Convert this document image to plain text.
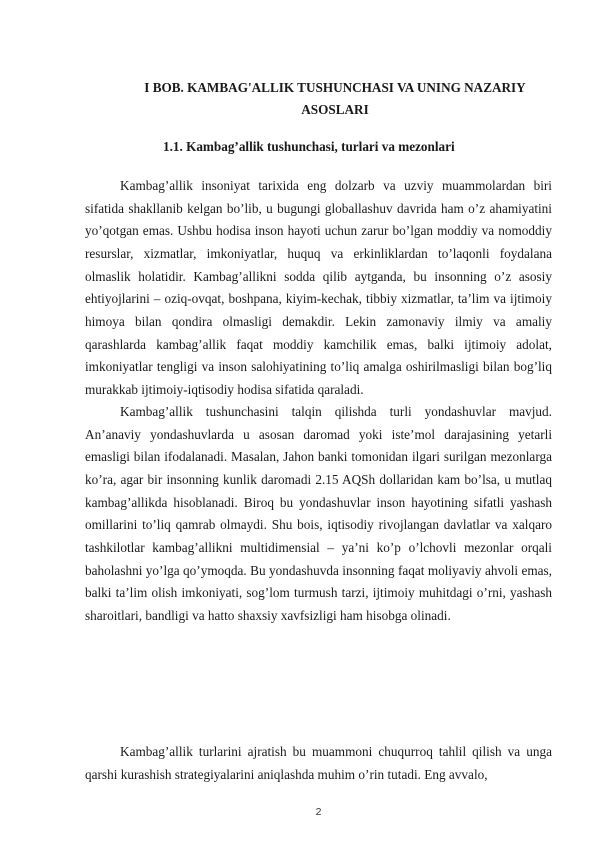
I BOB. KAMBAG'ALLIK TUSHUNCHASI VA UNING NAZARIY ASOSLARI
1.1. Kambag’allik tushunchasi, turlari va mezonlari

Kambag’allik insoniyat tarixida eng dolzarb va uzviy muammolardan biri sifatida shakllanib kelgan bo’lib, u bugungi globallashuv davrida ham o’z ahamiyatini yo’qotgan emas. Ushbu hodisa inson hayoti uchun zarur bo’lgan moddiy va nomoddiy resurslar, xizmatlar, imkoniyatlar, huquq va erkinliklardan to’laqonli foydalana olmaslik holatidir. Kambag’allikni sodda qilib aytganda, bu insonning o’z asosiy ehtiyojlarini – oziq-ovqat, boshpana, kiyim-kechak, tibbiy xizmatlar, ta’lim va ijtimoiy himoya bilan qondira olmasligi demakdir. Lekin zamonaviy ilmiy va amaliy qarashlarda kambag’allik faqat moddiy kamchilik emas, balki ijtimoiy adolat, imkoniyatlar tengligi va inson salohiyatining to’liq amalga oshirilmasligi bilan bog’liq murakkab ijtimoiy-iqtisodiy hodisa sifatida qaraladi.

Kambag’allik tushunchasini talqin qilishda turli yondashuvlar mavjud. An’anaviy yondashuvlarda u asosan daromad yoki iste’mol darajasining yetarli emasligi bilan ifodalanadi. Masalan, Jahon banki tomonidan ilgari surilgan mezonlarga ko’ra, agar bir insonning kunlik daromadi 2.15 AQSh dollaridan kam bo’lsa, u mutlaq kambag’allikda hisoblanadi. Biroq bu yondashuvlar inson hayotining sifatli yashash omillarini to’liq qamrab olmaydi. Shu bois, iqtisodiy rivojlangan davlatlar va xalqaro tashkilotlar kambag’allikni multidimensial – ya’ni ko’p o’lchovli mezonlar orqali baholashni yo’lga qo’ymoqda. Bu yondashuvda insonning faqat moliyaviy ahvoli emas, balki ta’lim olish imkoniyati, sog’lom turmush tarzi, ijtimoiy muhitdagi o’rni, yashash sharoitlari, bandligi va hatto shaxsiy xavfsizligi ham hisobga olinadi.

Kambag’allik turlarini ajratish bu muammoni chuqurroq tahlil qilish va unga qarshi kurashish strategiyalarini aniqlashda muhim o’rin tutadi. Eng avvalo,

2
